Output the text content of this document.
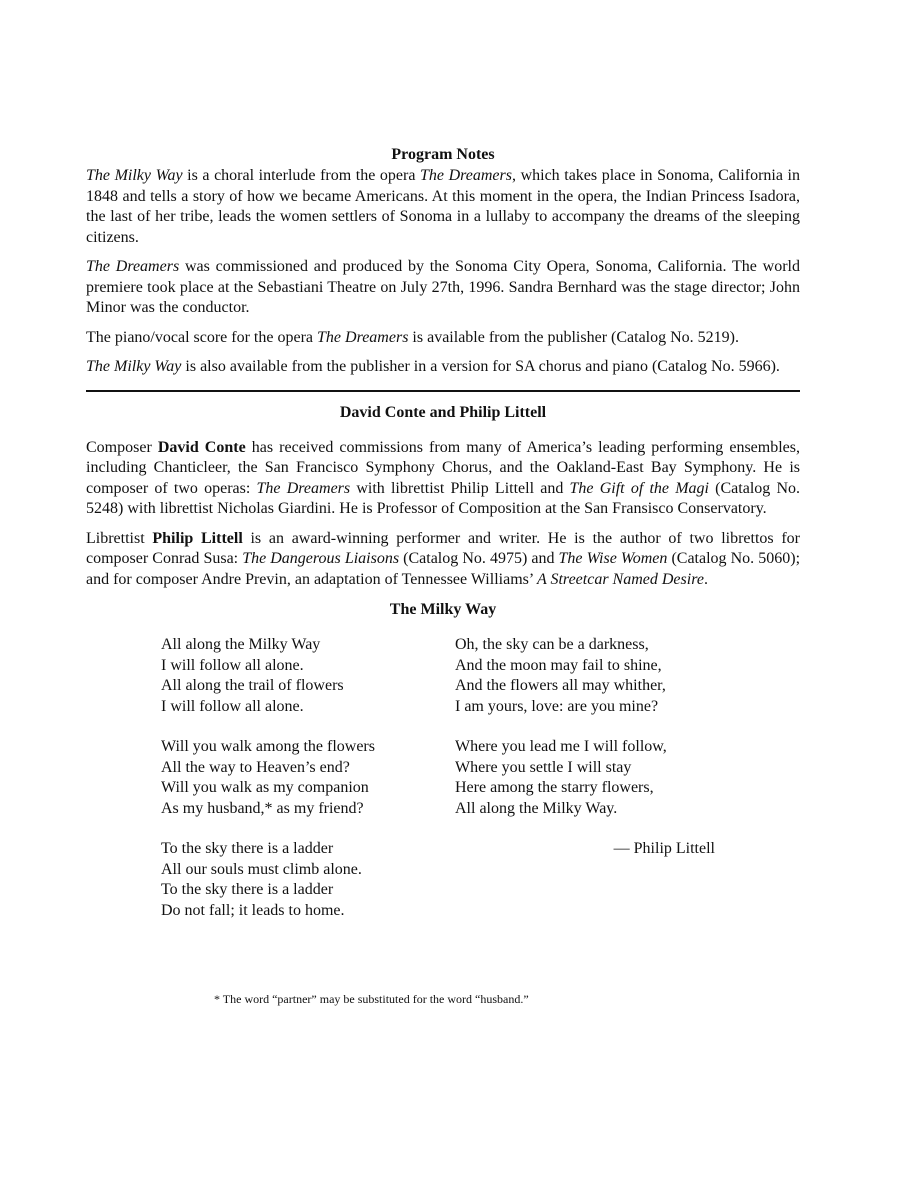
Program Notes

The Milky Way is a choral interlude from the opera The Dreamers, which takes place in Sonoma, California in 1848 and tells a story of how we became Americans. At this moment in the opera, the Indian Princess Isadora, the last of her tribe, leads the women settlers of Sonoma in a lullaby to accompany the dreams of the sleeping citizens.

The Dreamers was commissioned and produced by the Sonoma City Opera, Sonoma, California. The world premiere took place at the Sebastiani Theatre on July 27th, 1996. Sandra Bernhard was the stage director; John Minor was the conductor.

The piano/vocal score for the opera The Dreamers is available from the publisher (Catalog No. 5219).

The Milky Way is also available from the publisher in a version for SA chorus and piano (Catalog No. 5966).

David Conte and Philip Littell

Composer David Conte has received commissions from many of America’s leading performing ensembles, including Chanticleer, the San Francisco Symphony Chorus, and the Oakland-East Bay Symphony. He is composer of two operas: The Dreamers with librettist Philip Littell and The Gift of the Magi (Catalog No. 5248) with librettist Nicholas Giardini. He is Professor of Composition at the San Fransisco Conservatory.

Librettist Philip Littell is an award-winning performer and writer. He is the author of two librettos for composer Conrad Susa: The Dangerous Liaisons (Catalog No. 4975) and The Wise Women (Catalog No. 5060); and for composer Andre Previn, an adaptation of Tennessee Williams’ A Streetcar Named Desire.

The Milky Way
All along the Milky Way
I will follow all alone.
All along the trail of flowers
I will follow all alone.
Will you walk among the flowers
All the way to Heaven’s end?
Will you walk as my companion
As my husband,* as my friend?
To the sky there is a ladder
All our souls must climb alone.
To the sky there is a ladder
Do not fall; it leads to home.
Oh, the sky can be a darkness,
And the moon may fail to shine,
And the flowers all may whither,
I am yours, love: are you mine?
Where you lead me I will follow,
Where you settle I will stay
Here among the starry flowers,
All along the Milky Way.
— Philip Littell
* The word “partner” may be substituted for the word “husband.”
